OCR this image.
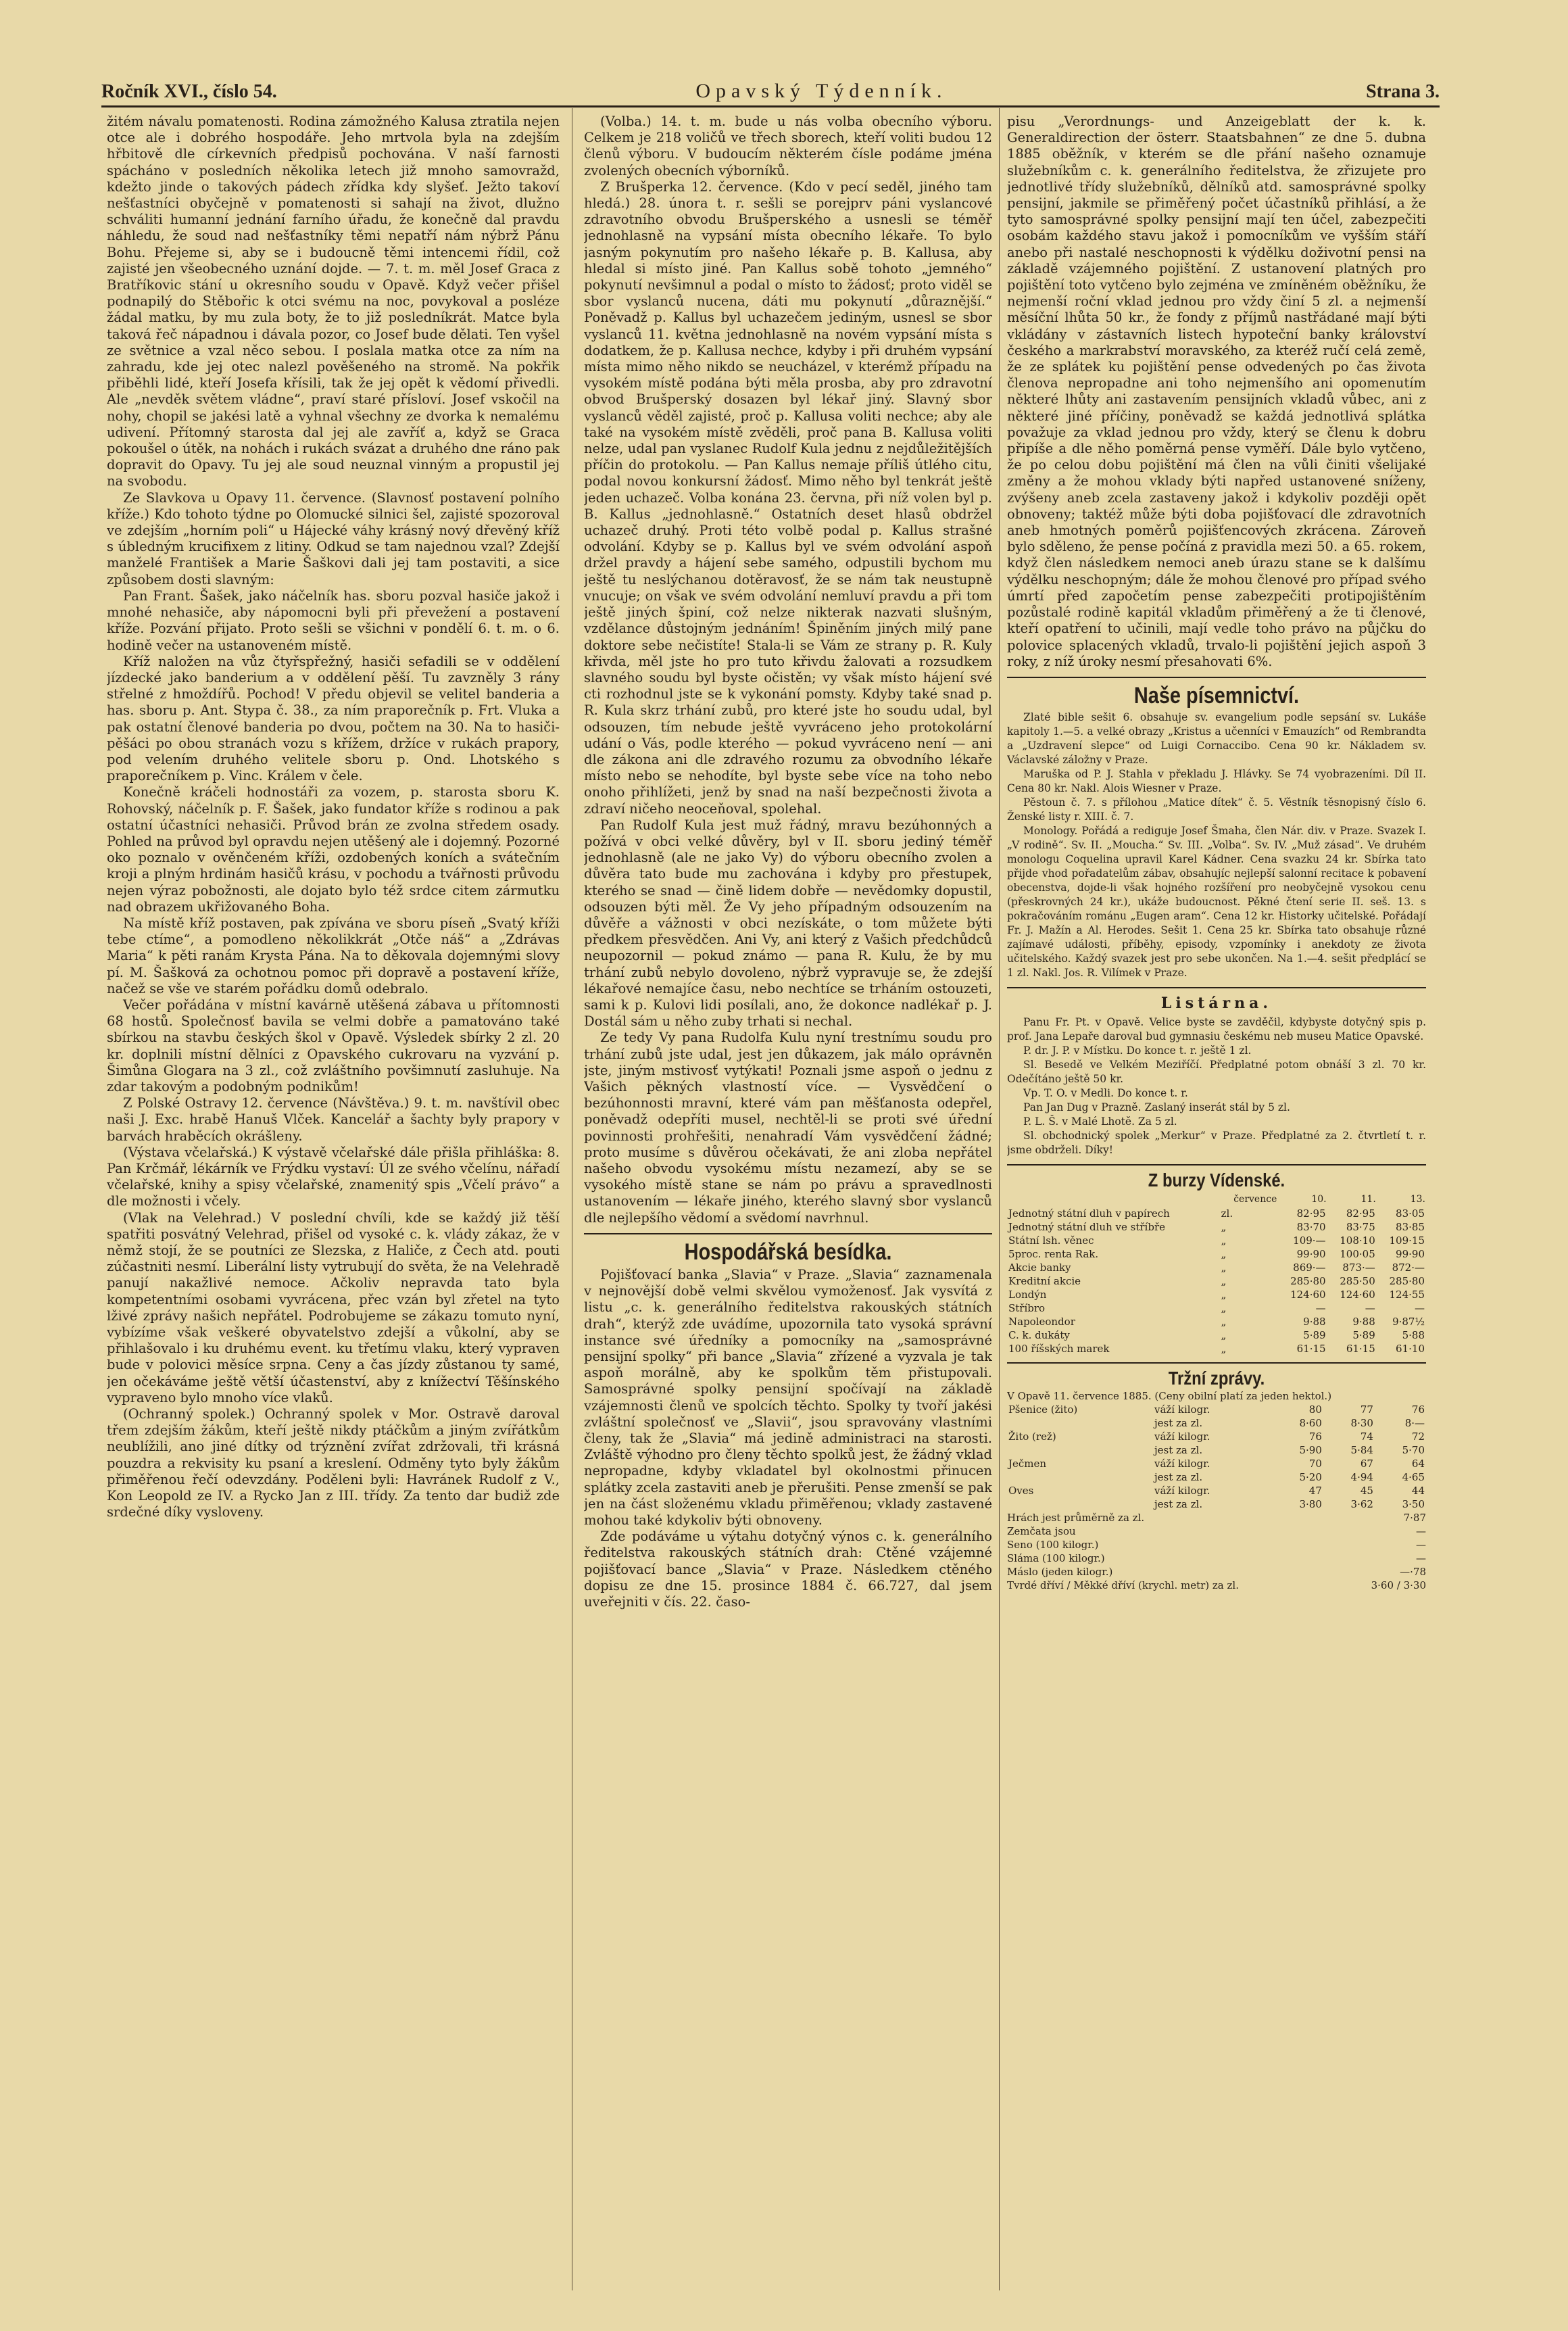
Ročník XVI., číslo 54.	Opavský Týdenník.	Strana 3.

žitém návalu pomatenosti. Rodina zámožného Kalusa ztratila nejen otce ale i dobrého hospodáře. Jeho mrtvola byla na zdejším hřbitově dle církevních předpisů pochována. V naší farnosti spácháno v posledních několika letech již mnoho samovražd, kdežto jinde o takových pádech zřídka kdy slyšeť. Ježto takoví nešťastníci obyčejně v pomatenosti si sahají na život, dlužno schváliti humanní jednání farního úřadu, že konečně dal pravdu náhledu, že soud nad nešťastníky těmi nepatří nám nýbrž Pánu Bohu. Přejeme si, aby se i budoucně těmi intencemi řídil, což zajisté jen všeobecného uznání dojde. — 7. t. m. měl Josef Graca z Bratříkovic stání u okresního soudu v Opavě. Když večer přišel podnapilý do Stěbořic k otci svému na noc, povykoval a posléze žádal matku, by mu zula boty, že to již posledníkrát. Matce byla taková řeč nápadnou i dávala pozor, co Josef bude dělati. Ten vyšel ze světnice a vzal něco sebou. I poslala matka otce za ním na zahradu, kde jej otec nalezl pověšeného na stromě. Na pokřik přiběhli lidé, kteří Josefa křísili, tak že jej opět k vědomí přivedli. Ale „nevděk světem vládne“, praví staré přísloví. Josef vskočil na nohy, chopil se jakési latě a vyhnal všechny ze dvorka k nemalému udivení. Přítomný starosta dal jej ale zavříť a, když se Graca pokoušel o útěk, na nohách i rukách svázat a druhého dne ráno pak dopravit do Opavy. Tu jej ale soud neuznal vinným a propustil jej na svobodu.

Ze Slavkova u Opavy 11. července. (Slavnosť postavení polního kříže.) Kdo tohoto týdne po Olomucké silnici šel, zajisté spozoroval ve zdejším „horním poli“ u Hájecké váhy krásný nový dřevěný kříž s úbledným krucifixem z litiny. Odkud se tam najednou vzal? Zdejší manželé František a Marie Šaškovi dali jej tam postaviti, a sice způsobem dosti slavným:

Pan Frant. Šašek, jako náčelník has. sboru pozval hasiče jakož i mnohé nehasiče, aby nápomocni byli při převežení a postavení kříže. Pozvání přijato. Proto sešli se všichni v pondělí 6. t. m. o 6. hodině večer na ustanoveném místě.

Kříž naložen na vůz čtyřspřežný, hasiči sefadili se v oddělení jízdecké jako banderium a v oddělení pěší. Tu zavzněly 3 rány střelné z hmoždířů. Pochod! V předu objevil se velitel banderia a has. sboru p. Ant. Stypa č. 38., za ním praporečník p. Frt. Vluka a pak ostatní členové banderia po dvou, počtem na 30. Na to hasiči-pěšáci po obou stranách vozu s křížem, držíce v rukách prapory, pod velením druhého velitele sboru p. Ond. Lhotského s praporečníkem p. Vinc. Králem v čele.

Konečně kráčeli hodnostáři za vozem, p. starosta sboru K. Rohovský, náčelník p. F. Šašek, jako fundator kříže s rodinou a pak ostatní účastníci nehasiči. Průvod brán ze zvolna středem osady. Pohled na průvod byl opravdu nejen utěšený ale i dojemný. Pozorné oko poznalo v ověnčeném kříži, ozdobených koních a svátečním kroji a plným hrdinám hasičů krásu, v pochodu a tvářnosti průvodu nejen výraz pobožnosti, ale dojato bylo též srdce citem zármutku nad obrazem ukřižovaného Boha.

Na místě kříž postaven, pak zpívána ve sboru píseň „Svatý kříži tebe ctíme“, a pomodleno několikkrát „Otče náš“ a „Zdrávas Maria“ k pěti ranám Krysta Pána. Na to děkovala dojemnými slovy pí. M. Šašková za ochotnou pomoc při dopravě a postavení kříže, načež se vše ve starém pořádku domů odebralo.

Večer pořádána v místní kavárně utěšená zábava u přítomnosti 68 hostů. Společnosť bavila se velmi dobře a pamatováno také sbírkou na stavbu českých škol v Opavě. Výsledek sbírky 2 zl. 20 kr. doplnili místní dělníci z Opavského cukrovaru na vyzvání p. Šimůna Glogara na 3 zl., což zvláštního povšimnutí zasluhuje. Na zdar takovým a podobným podnikům!

Z Polské Ostravy 12. července (Návštěva.) 9. t. m. navštívil obec naši J. Exc. hrabě Hanuš Vlček. Kancelář a šachty byly prapory v barvách hraběcích okrášleny.

(Výstava včelařská.) K výstavě včelařské dále přišla přihláška: 8. Pan Krčmář, lékárník ve Frýdku vystaví: Úl ze svého včelínu, nářadí včelařské, knihy a spisy včelařské, znamenitý spis „Včelí právo“ a dle možnosti i včely.

(Vlak na Velehrad.) V poslední chvíli, kde se každý již těší spatřiti posvátný Velehrad, přišel od vysoké c. k. vlády zákaz, že v němž stojí, že se poutníci ze Slezska, z Haliče, z Čech atd. pouti zúčastniti nesmí. Liberální listy vytrubují do světa, že na Velehradě panují nakažlivé nemoce. Ačkoliv nepravda tato byla kompetentními osobami vyvrácena, přec vzán byl zřetel na tyto lživé zprávy našich nepřátel. Podrobujeme se zákazu tomuto nyní, vybízíme však veškeré obyvatelstvo zdejší a vůkolní, aby se přihlašovalo i ku druhému event. ku třetímu vlaku, který vypraven bude v polovici měsíce srpna. Ceny a čas jízdy zůstanou ty samé, jen očekáváme ještě větší účastenství, aby z knížectví Těšínského vypraveno bylo mnoho více vlaků.

(Ochranný spolek.) Ochranný spolek v Mor. Ostravě daroval třem zdejším žákům, kteří ještě nikdy ptáčkům a jiným zvířátkům neublížili, ano jiné dítky od trýznění zvířat zdržovali, tři krásná pouzdra a rekvisity ku psaní a kreslení. Odměny tyto byly žákům přiměřenou řečí odevzdány. Poděleni byli: Havránek Rudolf z V., Kon Leopold ze IV. a Rycko Jan z III. třídy. Za tento dar budiž zde srdečné díky vysloveny.

(Volba.) 14. t. m. bude u nás volba obecního výboru. Celkem je 218 voličů ve třech sborech, kteří voliti budou 12 členů výboru. V budoucím některém čísle podáme jména zvolených obecních výborníků.

Z Brušperka 12. července. (Kdo v pecí seděl, jiného tam hledá.) 28. února t. r. sešli se porejprv páni vyslancové zdravotního obvodu Brušperského a usnesli se téměř jednohlasně na vypsání místa obecního lékaře. To bylo jasným pokynutím pro našeho lékaře p. B. Kallusa, aby hledal si místo jiné. Pan Kallus sobě tohoto „jemného“ pokynutí nevšimnul a podal o místo to žádosť; proto viděl se sbor vyslanců nucena, dáti mu pokynutí „důraznější.“ Poněvadž p. Kallus byl uchazečem jediným, usnesl se sbor vyslanců 11. května jednohlasně na novém vypsání místa s dodatkem, že p. Kallusa nechce, kdyby i při druhém vypsání místa mimo něho nikdo se neucházel, v kterémž případu na vysokém místě podána býti měla prosba, aby pro zdravotní obvod Brušperský dosazen byl lékař jiný. Slavný sbor vyslanců věděl zajisté, proč p. Kallusa voliti nechce; aby ale také na vysokém místě zvěděli, proč pana B. Kallusa voliti nelze, udal pan vyslanec Rudolf Kula jednu z nejdůležitějších příčin do protokolu. — Pan Kallus nemaje příliš útlého citu, podal novou konkursní žádosť. Mimo něho byl tenkrát ještě jeden uchazeč. Volba konána 23. června, při níž volen byl p. B. Kallus „jednohlasně.“ Ostatních deset hlasů obdržel uchazeč druhý. Proti této volbě podal p. Kallus strašné odvolání. Kdyby se p. Kallus byl ve svém odvolání aspoň držel pravdy a hájení sebe samého, odpustili bychom mu ještě tu neslýchanou dotěravosť, že se nám tak neustupně vnucuje; on však ve svém odvolání nemluví pravdu a při tom ještě jiných špiní, což nelze nikterak nazvati slušným, vzdělance důstojným jednáním! Špiněním jiných milý pane doktore sebe nečistíte! Stala-li se Vám ze strany p. R. Kuly křivda, měl jste ho pro tuto křivdu žalovati a rozsudkem slavného soudu byl byste očistěn; vy však místo hájení své cti rozhodnul jste se k vykonání pomsty. Kdyby také snad p. R. Kula skrz trhání zubů, pro které jste ho soudu udal, byl odsouzen, tím nebude ještě vyvráceno jeho protokolární udání o Vás, podle kterého — pokud vyvráceno není — ani dle zákona ani dle zdravého rozumu za obvodního lékaře místo nebo se nehodíte, byl byste sebe více na toho nebo onoho přihlížeti, jenž by snad na naší bezpečnosti života a zdraví ničeho neoceňoval, spolehal.

Pan Rudolf Kula jest muž řádný, mravu bezúhonných a požívá v obci velké důvěry, byl v II. sboru jediný téměř jednohlasně (ale ne jako Vy) do výboru obecního zvolen a důvěra tato bude mu zachována i kdyby pro přestupek, kterého se snad — čině lidem dobře — nevědomky dopustil, odsouzen býti měl. Že Vy jeho případným odsouzením na důvěře a vážnosti v obci nezískáte, o tom můžete býti předkem přesvědčen. Ani Vy, ani který z Vašich předchůdců neupozornil — pokud známo — pana R. Kulu, že by mu trhání zubů nebylo dovoleno, nýbrž vypravuje se, že zdejší lékařové nemajíce času, nebo nechtíce se trháním ostouzeti, sami k p. Kulovi lidi posílali, ano, že dokonce nadlékař p. J. Dostál sám u něho zuby trhati si nechal.

Ze tedy Vy pana Rudolfa Kulu nyní trestnímu soudu pro trhání zubů jste udal, jest jen důkazem, jak málo oprávněn jste, jiným mstivosť vytýkati! Poznali jsme aspoň o jednu z Vašich pěkných vlastností více. — Vysvědčení o bezúhonnosti mravní, které vám pan měšťanosta odepřel, poněvadž odepříti musel, nechtěl-li se proti své úřední povinnosti prohřešiti, nenahradí Vám vysvědčení žádné; proto musíme s důvěrou očekávati, že ani zloba nepřátel našeho obvodu vysokému místu nezamezí, aby se se vysokého místě stane se nám po právu a spravedlnosti ustanovením — lékaře jiného, kterého slavný sbor vyslanců dle nejlepšího vědomí a svědomí navrhnul.

Hospodářská besídka.

Pojišťovací banka „Slavia“ v Praze. „Slavia“ zaznamenala v nejnovější době velmi skvělou vymoženosť. Jak vysvítá z listu „c. k. generálního ředitelstva rakouských státních drah“, kterýž zde uvádíme, upozornila tato vysoká správní instance své úředníky a pomocníky na „samosprávné pensijní spolky“ při bance „Slavia“ zřízené a vyzvala je tak aspoň morálně, aby ke spolkům těm přistupovali. Samosprávné spolky pensijní spočívají na základě vzájemnosti členů ve spolcích těchto. Spolky ty tvoří jakési zvláštní společnosť ve „Slavii“, jsou spravovány vlastními členy, tak že „Slavia“ má jedině administraci na starosti. Zvláště výhodno pro členy těchto spolků jest, že žádný vklad nepropadne, kdyby vkladatel byl okolnostmi přinucen splátky zcela zastaviti aneb je přerušiti. Pense zmenší se pak jen na část složenému vkladu přiměřenou; vklady zastavené mohou také kdykoliv býti obnoveny.

Zde podáváme u výtahu dotyčný výnos c. k. generálního ředitelstva rakouských státních drah: Ctěné vzájemné pojišťovací bance „Slavia“ v Praze. Následkem ctěného dopisu ze dne 15. prosince 1884 č. 66.727, dal jsem uveřejniti v čís. 22. časo-

pisu „Verordnungs- und Anzeigeblatt der k. k. Generaldirection der österr. Staatsbahnen“ ze dne 5. dubna 1885 oběžník, v kterém se dle přání našeho oznamuje služebníkům c. k. generálního ředitelstva, že zřizujete pro jednotlivé třídy služebníků, dělníků atd. samosprávné spolky pensijní, jakmile se přiměřený počet účastníků přihlásí, a že tyto samosprávné spolky pensijní mají ten účel, zabezpečiti osobám každého stavu jakož i pomocníkům ve vyšším stáří anebo při nastalé neschopnosti k výdělku doživotní pensi na základě vzájemného pojištění. Z ustanovení platných pro pojištění toto vytčeno bylo zejména ve zmíněném oběžníku, že nejmenší roční vklad jednou pro vždy činí 5 zl. a nejmenší měsíční lhůta 50 kr., že fondy z příjmů nastřádané mají býti vkládány v zástavních listech hypoteční banky království českého a markrabství moravského, za kteréž ručí celá země, že ze splátek ku pojištění pense odvedených po čas života členova nepropadne ani toho nejmenšího ani opomenutím některé lhůty ani zastavením pensijních vkladů vůbec, ani z některé jiné příčiny, poněvadž se každá jednotlivá splátka považuje za vklad jednou pro vždy, který se členu k dobru připíše a dle něho poměrná pense vyměří. Dále bylo vytčeno, že po celou dobu pojištění má člen na vůli činiti všelijaké změny a že mohou vklady býti napřed ustanovené sníženy, zvýšeny aneb zcela zastaveny jakož i kdykoliv později opět obnoveny; taktéž může býti doba pojišťovací dle zdravotních aneb hmotných poměrů pojišťencových zkrácena. Zároveň bylo sděleno, že pense počíná z pravidla mezi 50. a 65. rokem, když člen následkem nemoci aneb úrazu stane se k dalšímu výdělku neschopným; dále že mohou členové pro případ svého úmrtí před započetím pense zabezpečiti protipojištěním pozůstalé rodině kapitál vkladům přiměřený a že ti členové, kteří opatření to učinili, mají vedle toho právo na půjčku do polovice splacených vkladů, trvalo-li pojištění jejich aspoň 3 roky, z níž úroky nesmí přesahovati 6%.

Naše písemnictví.

Zlaté bible sešit 6. obsahuje sv. evangelium podle sepsání sv. Lukáše kapitoly 1.—5. a velké obrazy „Kristus a učenníci v Emauzích“ od Rembrandta a „Uzdravení slepce“ od Luigi Cornaccibo. Cena 90 kr. Nákladem sv. Václavské záložny v Praze.

Maruška od P. J. Stahla v překladu J. Hlávky. Se 74 vyobrazeními. Díl II. Cena 80 kr. Nakl. Alois Wiesner v Praze.

Pěstoun č. 7. s přílohou „Matice dítek“ č. 5. Věstník těsnopisný číslo 6. Ženské listy r. XIII. č. 7.

Monology. Pořádá a rediguje Josef Šmaha, člen Nár. div. v Praze. Svazek I. „V rodině“. Sv. II. „Moucha.“ Sv. III. „Volba“. Sv. IV. „Muž zásad“. Ve druhém monologu Coquelina upravil Karel Kádner. Cena svazku 24 kr. Sbírka tato přijde vhod pořadatelům zábav, obsahujíc nejlepší salonní recitace k pobavení obecenstva, dojde-li však hojného rozšíření pro neobyčejně vysokou cenu (přeskrovných 24 kr.), ukáže budoucnost. Pěkné čtení serie II. seš. 13. s pokračováním románu „Eugen aram“. Cena 12 kr. Historky učitelské. Pořádají Fr. J. Mažín a Al. Herodes. Sešit 1. Cena 25 kr. Sbírka tato obsahuje různé zajímavé události, příběhy, episody, vzpomínky i anekdoty ze života učitelského. Každý svazek jest pro sebe ukončen. Na 1.—4. sešit předplácí se 1 zl. Nakl. Jos. R. Vilímek v Praze.

Listárna.

Panu Fr. Pt. v Opavě. Velice byste se zavděčil, kdybyste dotyčný spis p. prof. Jana Lepaře daroval bud gymnasiu českému neb museu Matice Opavské.

P. dr. J. P. v Místku. Do konce t. r. ještě 1 zl.

Sl. Besedě ve Velkém Meziříčí. Předplatné potom obnáší 3 zl. 70 kr. Odečítáno ještě 50 kr.

Vp. T. O. v Medli. Do konce t. r.

Pan Jan Dug v Prazně. Zaslaný inserát stál by 5 zl.

P. L. Š. v Malé Lhotě. Za 5 zl.

Sl. obchodnický spolek „Merkur“ v Praze. Předplatné za 2. čtvrtletí t. r. jsme obdrželi. Díky!

Z burzy Vídenské.
	července	10.	11.	13.
Jednotný státní dluh v papírech	zl.	82·95	82·95	83·05
Jednotný státní dluh ve stříbře	„	83·70	83·75	83·85
Státní lsh. věnec	„	109·—	108·10	109·15
5proc. renta Rak.	„	99·90	100·05	99·90
Akcie banky	„	869·—	873·—	872·—
Kreditní akcie	„	285·80	285·50	285·80
Londýn	„	124·60	124·60	124·55
Stříbro	„	—	—	—
Napoleondor	„	9·88	9·88	9·87½
C. k. dukáty	„	5·89	5·89	5·88
100 říšských marek	„	61·15	61·15	61·10
Tržní zprávy.
V Opavě 11. července 1885. (Ceny obilní platí za jeden hektol.)
Pšenice (žito)	váží kilogr.	80	77	76
	jest za zl.	8·60	8·30	8·—
Žito (rež)	váží kilogr.	76	74	72
	jest za zl.	5·90	5·84	5·70
Ječmen	váží kilogr.	70	67	64
	jest za zl.	5·20	4·94	4·65
Oves	váží kilogr.	47	45	44
	jest za zl.	3·80	3·62	3·50
Hrách jest průměrně za zl.	7·87
Zemčata jsou	—
Seno (100 kilogr.)	—
Sláma (100 kilogr.)	—
Máslo (jeden kilogr.)	—·78
Tvrdé dříví / Měkké dříví (krychl. metr) za zl.	3·60 / 3·30
